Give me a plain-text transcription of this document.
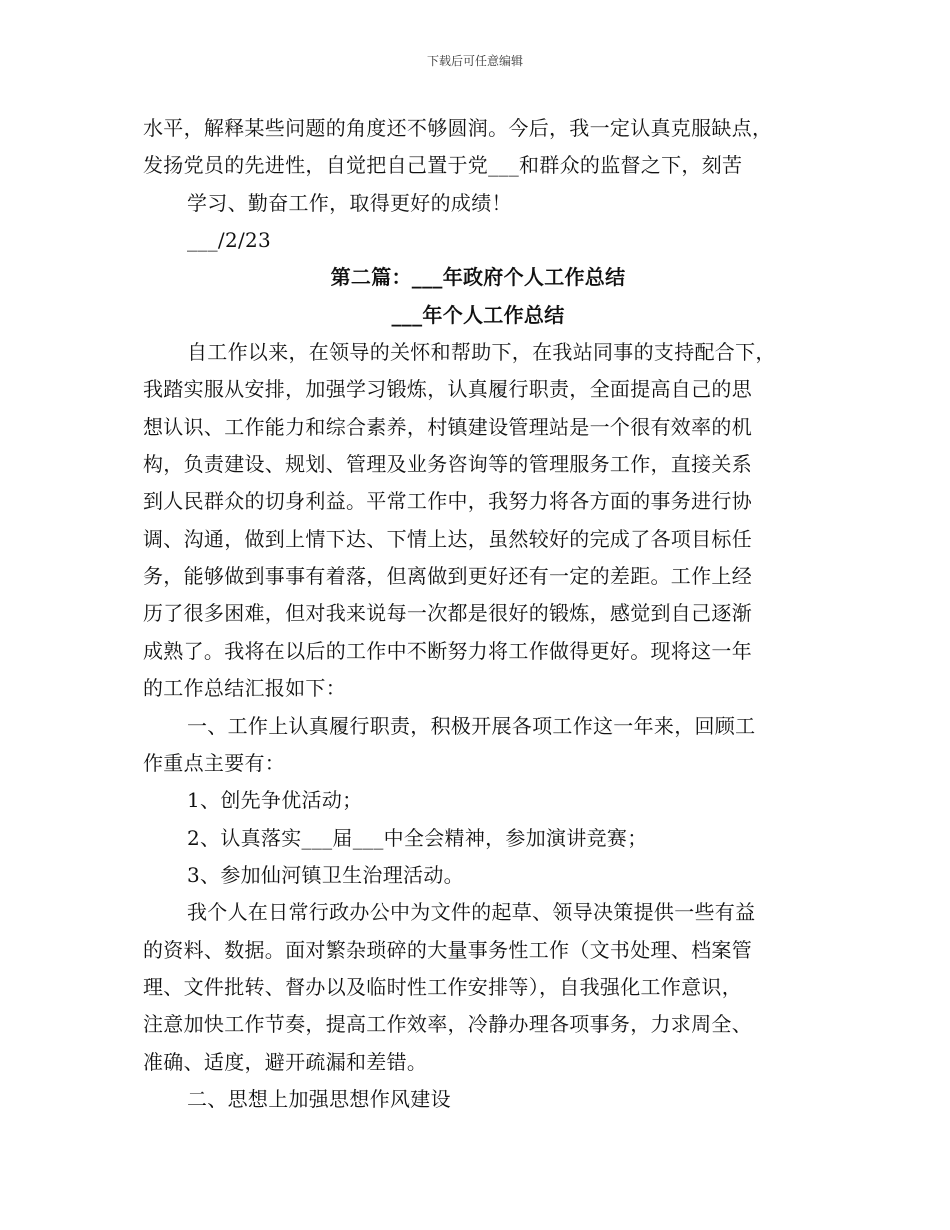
下载后可任意编辑
水平，解释某些问题的角度还不够圆润。今后，我一定认真克服缺点，
发扬党员的先进性，自觉把自己置于党___和群众的监督之下，刻苦
学习、勤奋工作，取得更好的成绩！
___/2/23
第二篇：___年政府个人工作总结
___年个人工作总结
自工作以来，在领导的关怀和帮助下，在我站同事的支持配合下，
我踏实服从安排，加强学习锻炼，认真履行职责，全面提高自己的思
想认识、工作能力和综合素养，村镇建设管理站是一个很有效率的机
构，负责建设、规划、管理及业务咨询等的管理服务工作，直接关系
到人民群众的切身利益。平常工作中，我努力将各方面的事务进行协
调、沟通，做到上情下达、下情上达，虽然较好的完成了各项目标任
务，能够做到事事有着落，但离做到更好还有一定的差距。工作上经
历了很多困难，但对我来说每一次都是很好的锻炼，感觉到自己逐渐
成熟了。我将在以后的工作中不断努力将工作做得更好。现将这一年
的工作总结汇报如下：
一、工作上认真履行职责，积极开展各项工作这一年来，回顾工
作重点主要有：
1、创先争优活动；
2、认真落实___届___中全会精神，参加演讲竞赛；
3、参加仙河镇卫生治理活动。
我个人在日常行政办公中为文件的起草、领导决策提供一些有益
的资料、数据。面对繁杂琐碎的大量事务性工作（文书处理、档案管
理、文件批转、督办以及临时性工作安排等），自我强化工作意识，
注意加快工作节奏，提高工作效率，冷静办理各项事务，力求周全、
准确、适度，避开疏漏和差错。
二、思想上加强思想作风建设
